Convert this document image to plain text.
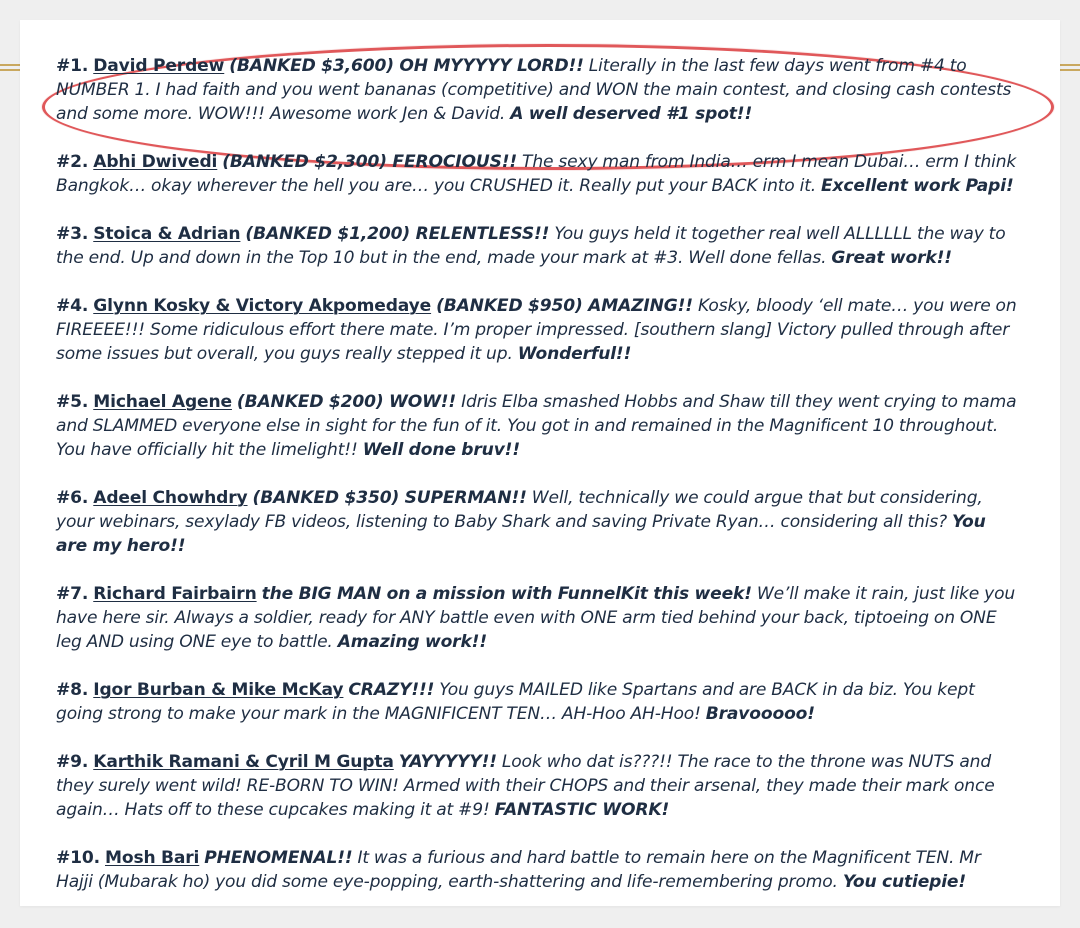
#1. David Perdew (BANKED $3,600) OH MYYYYY LORD!! Literally in the last few days went from #4 to NUMBER 1. I had faith and you went bananas (competitive) and WON the main contest, and closing cash contests and some more. WOW!!! Awesome work Jen & David. A well deserved #1 spot!!
#2. Abhi Dwivedi (BANKED $2,300) FEROCIOUS!! The sexy man from India… erm I mean Dubai… erm I think Bangkok… okay wherever the hell you are… you CRUSHED it. Really put your BACK into it. Excellent work Papi!
#3. Stoica & Adrian (BANKED $1,200) RELENTLESS!! You guys held it together real well ALLLLLL the way to the end. Up and down in the Top 10 but in the end, made your mark at #3. Well done fellas. Great work!!
#4. Glynn Kosky & Victory Akpomedaye (BANKED $950) AMAZING!! Kosky, bloody ‘ell mate… you were on FIREEEE!!! Some ridiculous effort there mate. I’m proper impressed. [southern slang] Victory pulled through after some issues but overall, you guys really stepped it up. Wonderful!!
#5. Michael Agene (BANKED $200) WOW!! Idris Elba smashed Hobbs and Shaw till they went crying to mama and SLAMMED everyone else in sight for the fun of it. You got in and remained in the Magnificent 10 throughout. You have officially hit the limelight!! Well done bruv!!
#6. Adeel Chowhdry (BANKED $350) SUPERMAN!! Well, technically we could argue that but considering, your webinars, sexylady FB videos, listening to Baby Shark and saving Private Ryan… considering all this? You are my hero!!
#7. Richard Fairbairn the BIG MAN on a mission with FunnelKit this week! We’ll make it rain, just like you have here sir. Always a soldier, ready for ANY battle even with ONE arm tied behind your back, tiptoeing on ONE leg AND using ONE eye to battle. Amazing work!!
#8. Igor Burban & Mike McKay CRAZY!!! You guys MAILED like Spartans and are BACK in da biz. You kept going strong to make your mark in the MAGNIFICENT TEN… AH-Hoo AH-Hoo! Bravooooo!
#9. Karthik Ramani & Cyril M Gupta YAYYYYY!! Look who dat is???!! The race to the throne was NUTS and they surely went wild! RE-BORN TO WIN! Armed with their CHOPS and their arsenal, they made their mark once again… Hats off to these cupcakes making it at #9! FANTASTIC WORK!
#10. Mosh Bari PHENOMENAL!! It was a furious and hard battle to remain here on the Magnificent TEN. Mr Hajji (Mubarak ho) you did some eye-popping, earth-shattering and life-remembering promo. You cutiepie!
